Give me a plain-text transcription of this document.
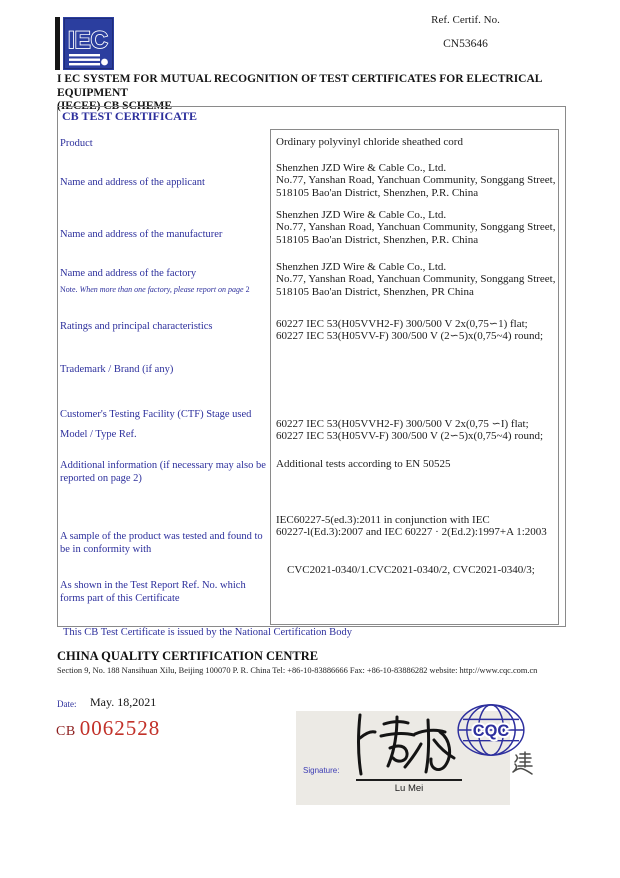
IEC
Ref. Certif. No.
CN53646
I EC SYSTEM FOR MUTUAL RECOGNITION OF TEST CERTIFICATES FOR ELECTRICAL EQUIPMENT
(IECEE) CB SCHEME
CB TEST CERTIFICATE
Product
Name and address of the applicant
Name and address of the manufacturer
Name and address of the factory
Note. When more than one factory, please report on page 2
Ratings and principal characteristics
Trademark / Brand (if any)
Customer's Testing Facility (CTF) Stage used
Model / Type Ref.
Additional information (if necessary may also be reported on page 2)
A sample of the product was tested and found to be in conformity with
As shown in the Test Report Ref. No. which forms part of this Certificate
Ordinary polyvinyl chloride sheathed cord
Shenzhen JZD Wire & Cable Co., Ltd.
No.77, Yanshan Road, Yanchuan Community, Songgang Street,
518105 Bao'an District, Shenzhen, P.R. China
Shenzhen JZD Wire & Cable Co., Ltd.
No.77, Yanshan Road, Yanchuan Community, Songgang Street,
518105 Bao'an District, Shenzhen, P.R. China
Shenzhen JZD Wire & Cable Co., Ltd.
No.77, Yanshan Road, Yanchuan Community, Songgang Street,
518105 Bao'an District, Shenzhen, PR China
60227 IEC 53(H05VVH2-F) 300/500 V 2x(0,75∽1) flat;
60227 IEC 53(H05VV-F) 300/500 V (2∽5)x(0,75~4) round;
60227 IEC 53(H05VVH2-F) 300/500 V 2x(0,75 ∽I) flat;
60227 IEC 53(H05VV-F) 300/500 V (2∽5)x(0,75~4) round;
Additional tests according to EN 50525
IEC60227-5(ed.3):2011 in conjunction with IEC
60227-l(Ed.3):2007 and IEC 60227 · 2(Ed.2):1997+A 1:2003
CVC2021-0340/1.CVC2021-0340/2, CVC2021-0340/3;
This CB Test Certificate is issued by the National Certification Body
CHINA QUALITY CERTIFICATION CENTRE
Section 9, No. 188 Nansihuan Xilu, Beijing 100070 P. R. China Tel: +86-10-83886666 Fax: +86-10-83886282 website: http://www.cqc.com.cn
Date: May. 18,2021
CB 0062528
Signature:
Lu Mei
CQC
